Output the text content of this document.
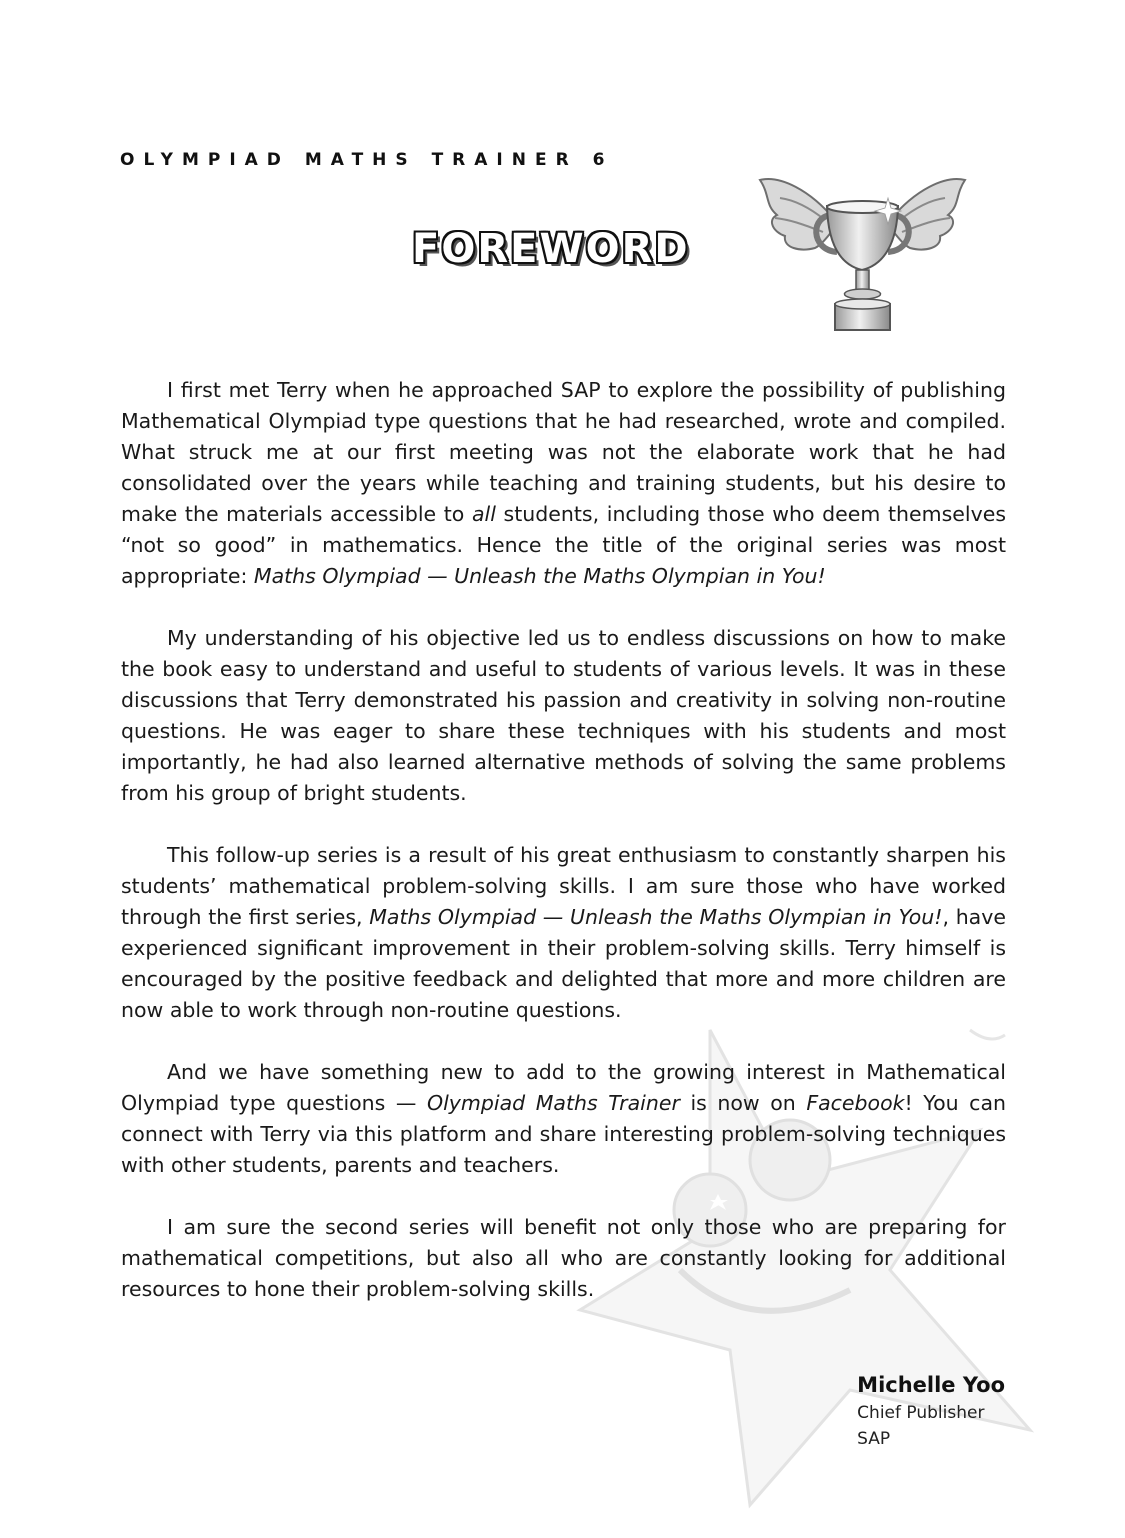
OLYMPIAD MATHS TRAINER 6
FOREWORD

I first met Terry when he approached SAP to explore the possibility of publishing Mathematical Olympiad type questions that he had researched, wrote and compiled. What struck me at our first meeting was not the elaborate work that he had consolidated over the years while teaching and training students, but his desire to make the materials accessible to all students, including those who deem themselves “not so good” in mathematics. Hence the title of the original series was most appropriate: Maths Olympiad — Unleash the Maths Olympian in You!

My understanding of his objective led us to endless discussions on how to make the book easy to understand and useful to students of various levels. It was in these discussions that Terry demonstrated his passion and creativity in solving non-routine questions. He was eager to share these techniques with his students and most importantly, he had also learned alternative methods of solving the same problems from his group of bright students.

This follow-up series is a result of his great enthusiasm to constantly sharpen his students’ mathematical problem-solving skills. I am sure those who have worked through the first series, Maths Olympiad — Unleash the Maths Olympian in You!, have experienced significant improvement in their problem-solving skills. Terry himself is encouraged by the positive feedback and delighted that more and more children are now able to work through non-routine questions.

And we have something new to add to the growing interest in Mathematical Olympiad type questions — Olympiad Maths Trainer is now on Facebook! You can connect with Terry via this platform and share interesting problem-solving techniques with other students, parents and teachers.

I am sure the second series will benefit not only those who are preparing for mathematical competitions, but also all who are constantly looking for additional resources to hone their problem-solving skills.

Michelle Yoo
Chief Publisher
SAP
